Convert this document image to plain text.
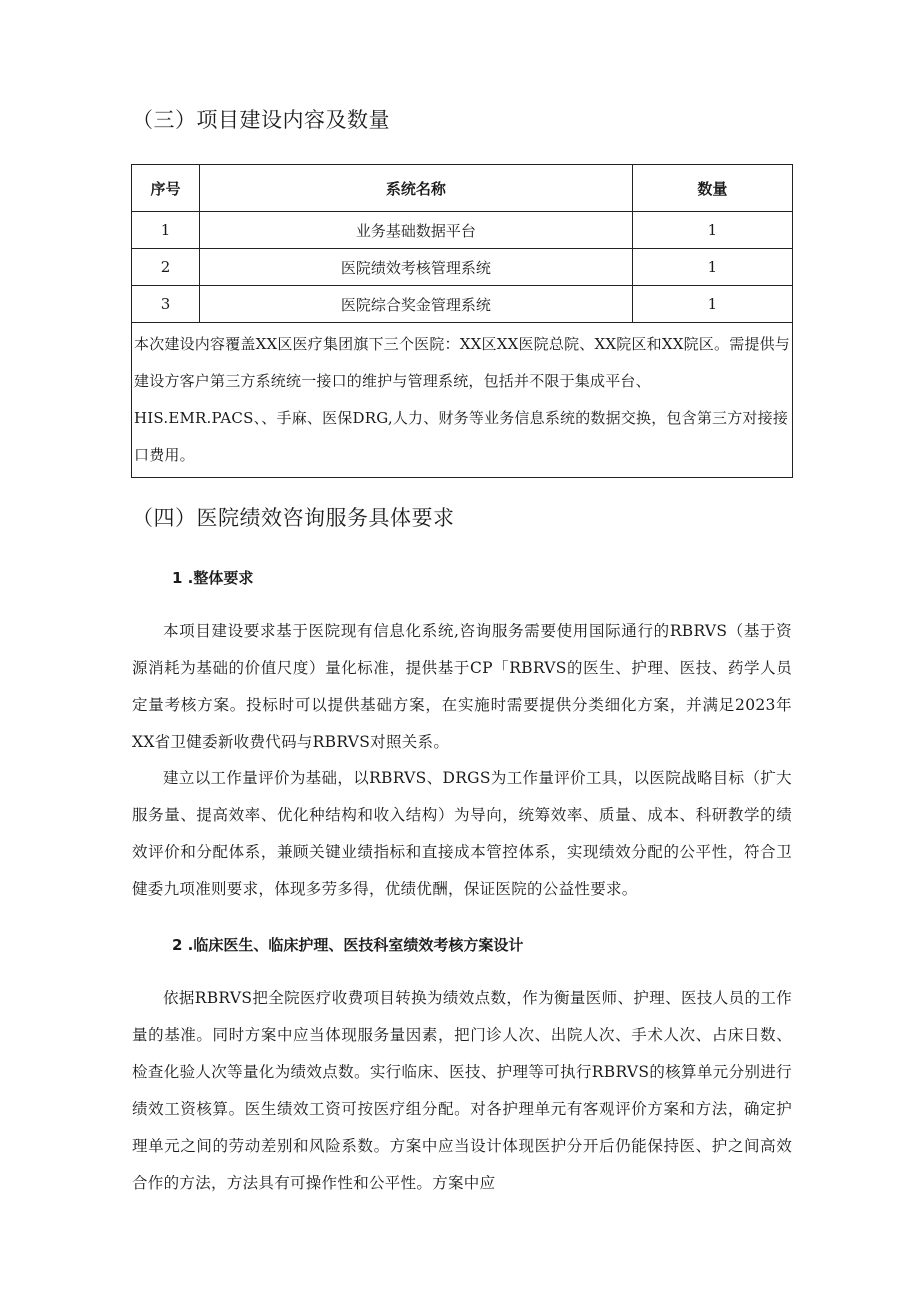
（三）项目建设内容及数量
序号	系统名称	数量
1	业务基础数据平台	1
2	医院绩效考核管理系统	1
3	医院综合奖金管理系统	1
本次建设内容覆盖XX区医疗集团旗下三个医院：XX区XX医院总院、XX院区和XX院区。需提供与建设方客户第三方系统统一接口的维护与管理系统，包括并不限于集成平台、HIS.EMR.PACS、、手麻、医保DRG,人力、财务等业务信息系统的数据交换，包含第三方对接接口费用。		
（四）医院绩效咨询服务具体要求
1 .整体要求

本项目建设要求基于医院现有信息化系统,咨询服务需要使用国际通行的RBRVS（基于资源消耗为基础的价值尺度）量化标准，提供基于CP「RBRVS的医生、护理、医技、药学人员定量考核方案。投标时可以提供基础方案，在实施时需要提供分类细化方案，并满足2023年XX省卫健委新收费代码与RBRVS对照关系。

建立以工作量评价为基础，以RBRVS、DRGS为工作量评价工具，以医院战略目标（扩大服务量、提高效率、优化种结构和收入结构）为导向，统筹效率、质量、成本、科研教学的绩效评价和分配体系，兼顾关键业绩指标和直接成本管控体系，实现绩效分配的公平性，符合卫健委九项准则要求，体现多劳多得，优绩优酬，保证医院的公益性要求。

2 .临床医生、临床护理、医技科室绩效考核方案设计

依据RBRVS把全院医疗收费项目转换为绩效点数，作为衡量医师、护理、医技人员的工作量的基准。同时方案中应当体现服务量因素，把门诊人次、出院人次、手术人次、占床日数、检查化验人次等量化为绩效点数。实行临床、医技、护理等可执行RBRVS的核算单元分别进行绩效工资核算。医生绩效工资可按医疗组分配。对各护理单元有客观评价方案和方法，确定护理单元之间的劳动差别和风险系数。方案中应当设计体现医护分开后仍能保持医、护之间高效合作的方法，方法具有可操作性和公平性。方案中应
